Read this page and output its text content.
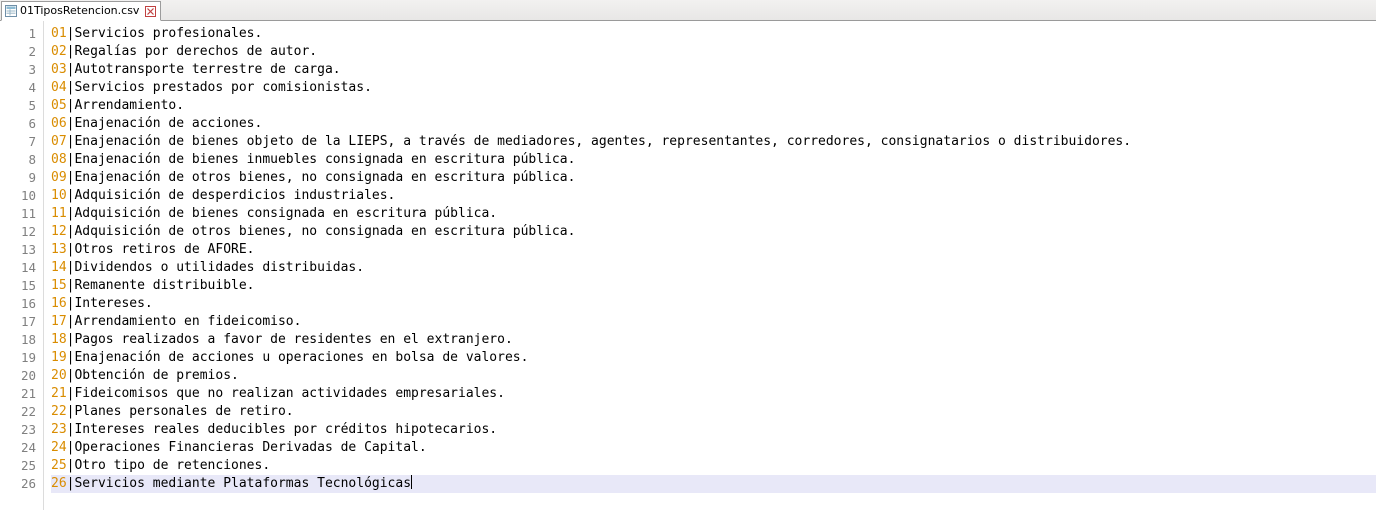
01TiposRetencion.csv
1
2
3
4
5
6
7
8
9
10
11
12
13
14
15
16
17
18
19
20
21
22
23
24
25
26
01|Servicios profesionales.
02|Regalías por derechos de autor.
03|Autotransporte terrestre de carga.
04|Servicios prestados por comisionistas.
05|Arrendamiento.
06|Enajenación de acciones.
07|Enajenación de bienes objeto de la LIEPS, a través de mediadores, agentes, representantes, corredores, consignatarios o distribuidores.
08|Enajenación de bienes inmuebles consignada en escritura pública.
09|Enajenación de otros bienes, no consignada en escritura pública.
10|Adquisición de desperdicios industriales.
11|Adquisición de bienes consignada en escritura pública.
12|Adquisición de otros bienes, no consignada en escritura pública.
13|Otros retiros de AFORE.
14|Dividendos o utilidades distribuidas.
15|Remanente distribuible.
16|Intereses.
17|Arrendamiento en fideicomiso.
18|Pagos realizados a favor de residentes en el extranjero.
19|Enajenación de acciones u operaciones en bolsa de valores.
20|Obtención de premios.
21|Fideicomisos que no realizan actividades empresariales.
22|Planes personales de retiro.
23|Intereses reales deducibles por créditos hipotecarios.
24|Operaciones Financieras Derivadas de Capital.
25|Otro tipo de retenciones.
26|Servicios mediante Plataformas Tecnológicas
